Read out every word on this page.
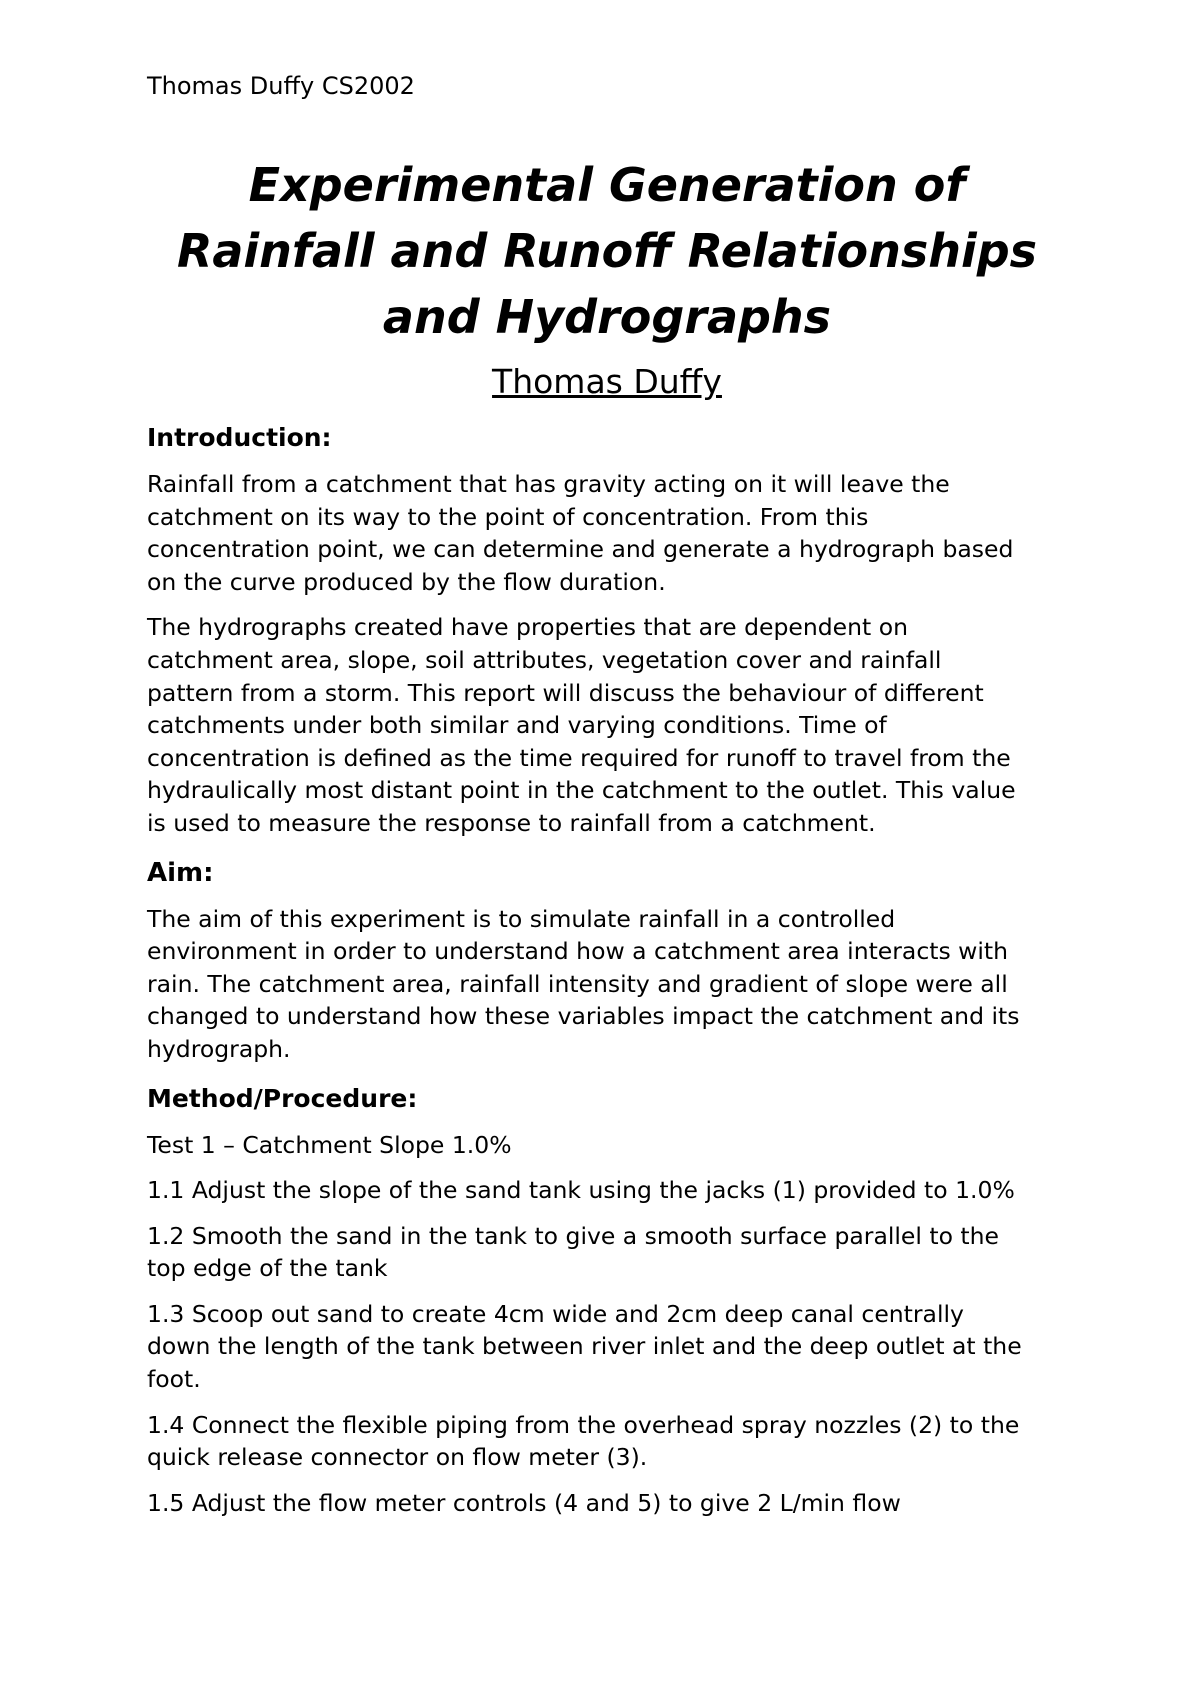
Thomas Duffy CS2002
Experimental Generation of
Rainfall and Runoff Relationships
and Hydrographs
Thomas Duffy
Introduction:
Rainfall from a catchment that has gravity acting on it will leave the
catchment on its way to the point of concentration. From this
concentration point, we can determine and generate a hydrograph based
on the curve produced by the flow duration.
The hydrographs created have properties that are dependent on
catchment area, slope, soil attributes, vegetation cover and rainfall
pattern from a storm. This report will discuss the behaviour of different
catchments under both similar and varying conditions. Time of
concentration is defined as the time required for runoff to travel from the
hydraulically most distant point in the catchment to the outlet. This value
is used to measure the response to rainfall from a catchment.
Aim:
The aim of this experiment is to simulate rainfall in a controlled
environment in order to understand how a catchment area interacts with
rain. The catchment area, rainfall intensity and gradient of slope were all
changed to understand how these variables impact the catchment and its
hydrograph.
Method/Procedure:
Test 1 – Catchment Slope 1.0%
1.1 Adjust the slope of the sand tank using the jacks (1) provided to 1.0%
1.2 Smooth the sand in the tank to give a smooth surface parallel to the
top edge of the tank
1.3 Scoop out sand to create 4cm wide and 2cm deep canal centrally
down the length of the tank between river inlet and the deep outlet at the
foot.
1.4 Connect the flexible piping from the overhead spray nozzles (2) to the
quick release connector on flow meter (3).
1.5 Adjust the flow meter controls (4 and 5) to give 2 L/min flow
